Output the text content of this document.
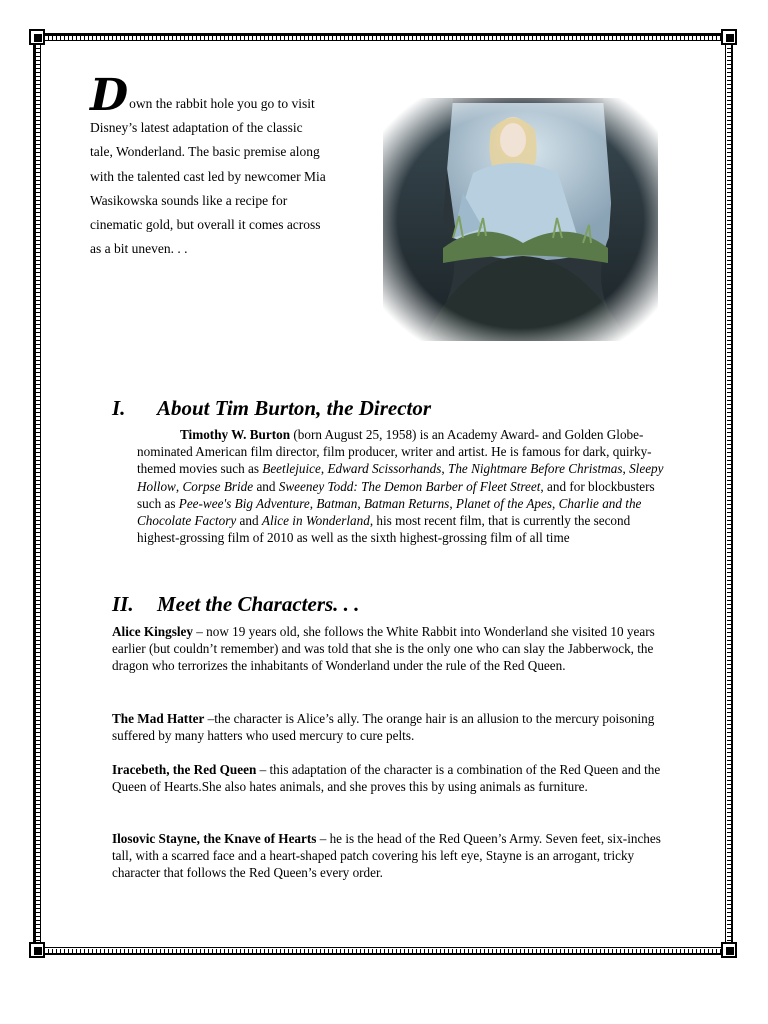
D own the rabbit hole you go to visit
Disney’s latest adaptation of the classic
tale, Wonderland. The basic premise along
with the talented cast led by newcomer Mia
Wasikowska sounds like a recipe for
cinematic gold, but overall it comes across
as a bit uneven. . .

I. About Tim Burton, the Director

Timothy W. Burton (born August 25, 1958) is an Academy Award- and Golden Globe-nominated American film director, film producer, writer and artist. He is famous for dark, quirky-themed movies such as Beetlejuice, Edward Scissorhands, The Nightmare Before Christmas, Sleepy Hollow, Corpse Bride and Sweeney Todd: The Demon Barber of Fleet Street, and for blockbusters such as Pee-wee's Big Adventure, Batman, Batman Returns, Planet of the Apes, Charlie and the Chocolate Factory and Alice in Wonderland, his most recent film, that is currently the second highest-grossing film of 2010 as well as the sixth highest-grossing film of all time

II. Meet the Characters. . .

Alice Kingsley – now 19 years old, she follows the White Rabbit into Wonderland she visited 10 years earlier (but couldn’t remember) and was told that she is the only one who can slay the Jabberwock, the dragon who terrorizes the inhabitants of Wonderland under the rule of the Red Queen.

The Mad Hatter –the character is Alice’s ally. The orange hair is an allusion to the mercury poisoning suffered by many hatters who used mercury to cure pelts.

Iracebeth, the Red Queen – this adaptation of the character is a combination of the Red Queen and the Queen of Hearts.She also hates animals, and she proves this by using animals as furniture.

Ilosovic Stayne, the Knave of Hearts – he is the head of the Red Queen’s Army. Seven feet, six-inches tall, with a scarred face and a heart-shaped patch covering his left eye, Stayne is an arrogant, tricky character that follows the Red Queen’s every order.
